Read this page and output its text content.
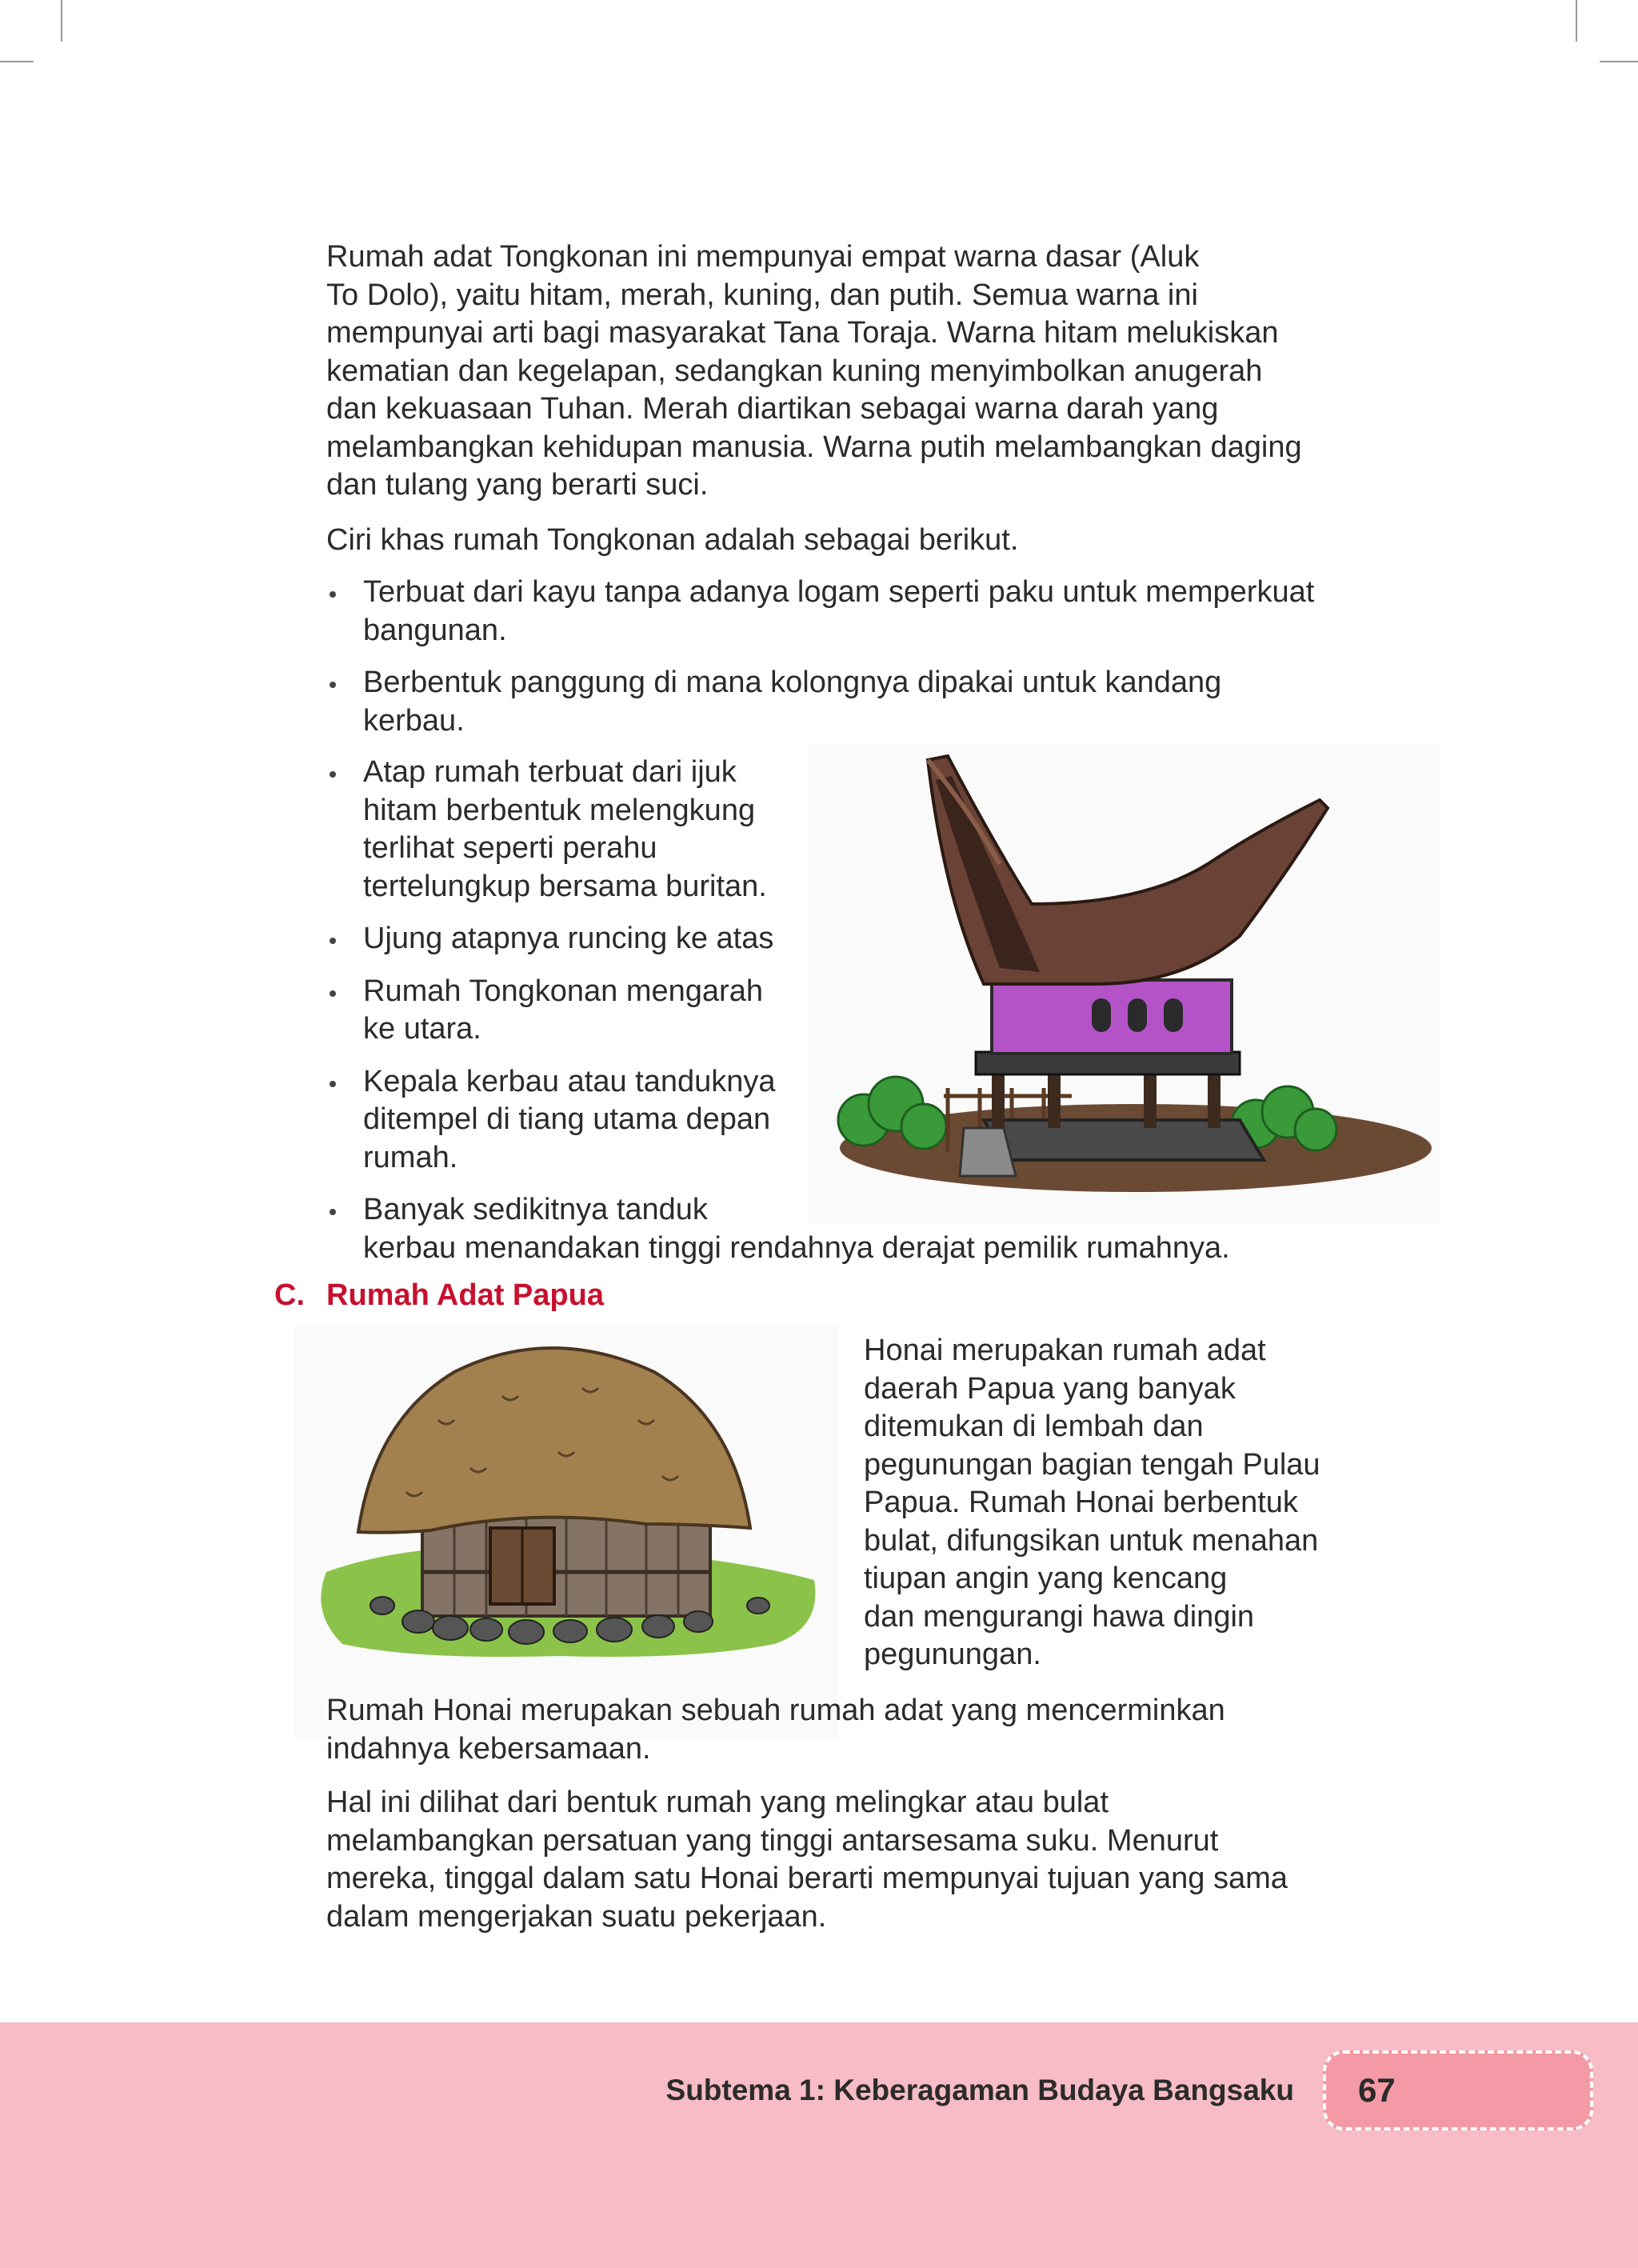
Rumah adat Tongkonan ini mempunyai empat warna dasar (Aluk
To Dolo), yaitu hitam, merah, kuning, dan putih. Semua warna ini
mempunyai arti bagi masyarakat Tana Toraja. Warna hitam melukiskan
kematian dan kegelapan, sedangkan kuning menyimbolkan anugerah
dan kekuasaan Tuhan. Merah diartikan sebagai warna darah yang
melambangkan kehidupan manusia. Warna putih melambangkan daging
dan tulang yang berarti suci.

Ciri khas rumah Tongkonan adalah sebagai berikut.

Terbuat dari kayu tanpa adanya logam seperti paku untuk memperkuat
bangunan.
Berbentuk panggung di mana kolongnya dipakai untuk kandang
kerbau.
Atap rumah terbuat dari ijuk
hitam berbentuk melengkung
terlihat seperti perahu
tertelungkup bersama buritan.
Ujung atapnya runcing ke atas
Rumah Tongkonan mengarah
ke utara.
Kepala kerbau atau tanduknya
ditempel di tiang utama depan
rumah.
Banyak sedikitnya tanduk
kerbau menandakan tinggi rendahnya derajat pemilik rumahnya.
C. Rumah Adat Papua

Honai merupakan rumah adat
daerah Papua yang banyak
ditemukan di lembah dan
pegunungan bagian tengah Pulau
Papua. Rumah Honai berbentuk
bulat, difungsikan untuk menahan
tiupan angin yang kencang
dan mengurangi hawa dingin
pegunungan.

Rumah Honai merupakan sebuah rumah adat yang mencerminkan
indahnya kebersamaan.

Hal ini dilihat dari bentuk rumah yang melingkar atau bulat
melambangkan persatuan yang tinggi antarsesama suku. Menurut
mereka, tinggal dalam satu Honai berarti mempunyai tujuan yang sama
dalam mengerjakan suatu pekerjaan.

Subtema 1: Keberagaman Budaya Bangsaku 67
